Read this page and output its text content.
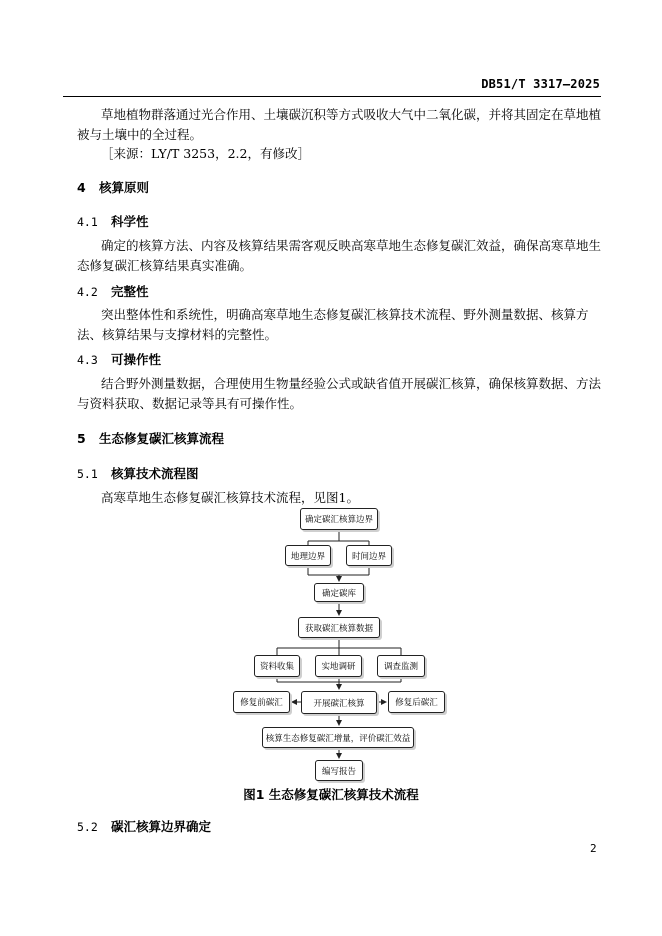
DB51/T 3317—2025
草地植物群落通过光合作用、土壤碳沉积等方式吸收大气中二氧化碳，并将其固定在草地植被与土壤中的全过程。
［来源：LY/T 3253，2.2，有修改］
4 核算原则
4.1 科学性
确定的核算方法、内容及核算结果需客观反映高寒草地生态修复碳汇效益，确保高寒草地生态修复碳汇核算结果真实准确。
4.2 完整性
突出整体性和系统性，明确高寒草地生态修复碳汇核算技术流程、野外测量数据、核算方法、核算结果与支撑材料的完整性。
4.3 可操作性
结合野外测量数据，合理使用生物量经验公式或缺省值开展碳汇核算，确保核算数据、方法与资料获取、数据记录等具有可操作性。
5 生态修复碳汇核算流程
5.1 核算技术流程图
高寒草地生态修复碳汇核算技术流程，见图1。
确定碳汇核算边界
地理边界	时间边界
确定碳库
获取碳汇核算数据
资料收集	实地调研	调查监测
修复前碳汇	开展碳汇核算	修复后碳汇
核算生态修复碳汇增量，评价碳汇效益
编写报告
图1 生态修复碳汇核算技术流程
5.2 碳汇核算边界确定
2
